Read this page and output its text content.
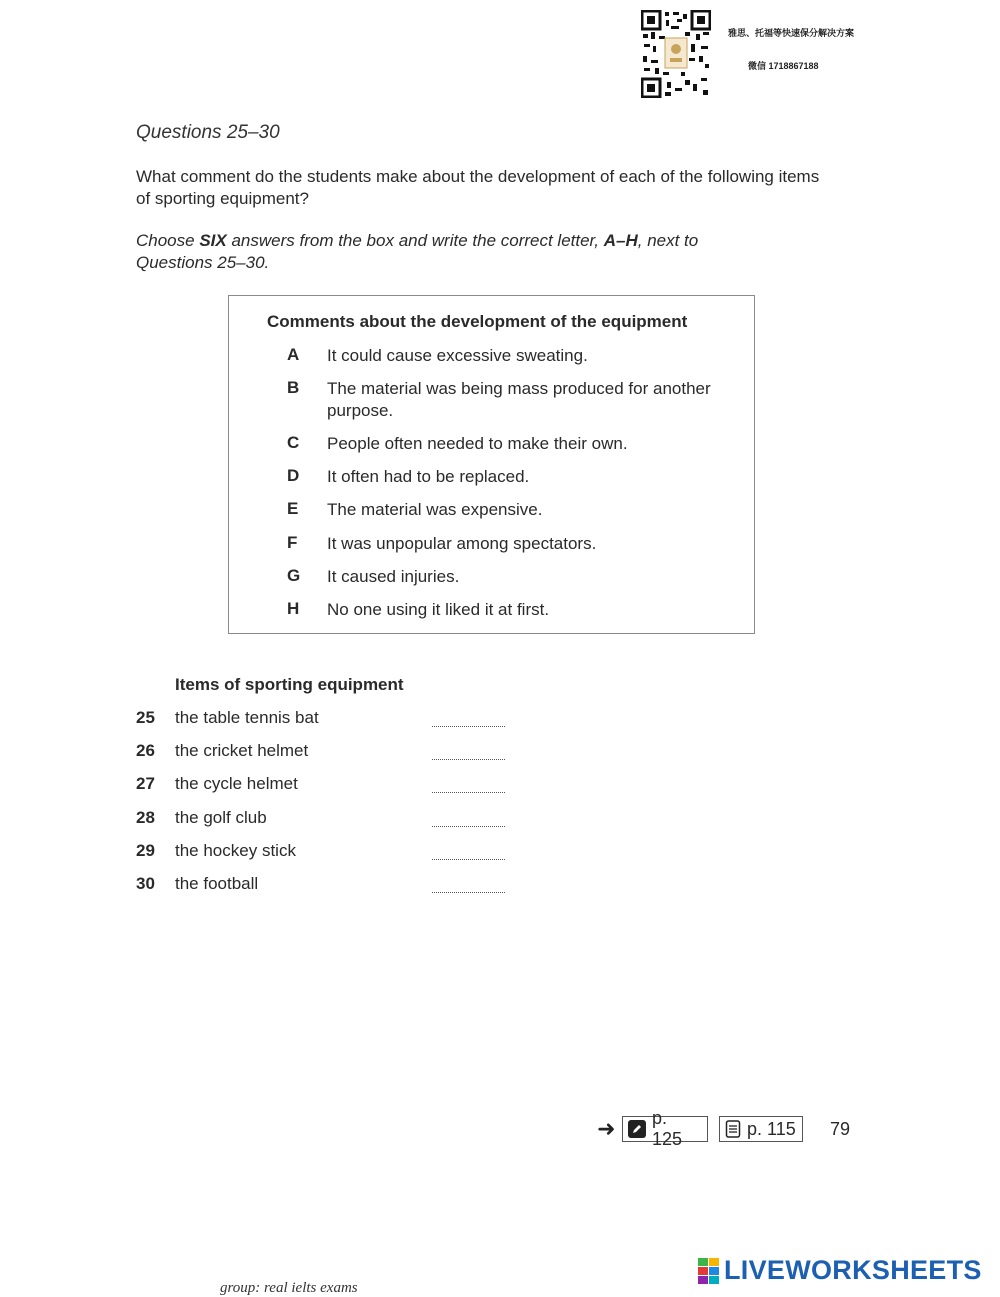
雅思、托福等快速保分解决方案
微信 1718867188
Questions 25–30
What comment do the students make about the development of each of the following items of sporting equipment?
Choose SIX answers from the box and write the correct letter, A–H, next to Questions 25–30.
Comments about the development of the equipment
A	It could cause excessive sweating.
B	The material was being mass produced for another purpose.
C	People often needed to make their own.
D	It often had to be replaced.
E	The material was expensive.
F	It was unpopular among spectators.
G	It caused injuries.
H	No one using it liked it at first.
Items of sporting equipment
25 the table tennis bat
26 the cricket helmet
27 the cycle helmet
28 the golf club
29 the hockey stick
30 the football
➜ p. 125
p. 115 79
LIVEWORKSHEETS
group: real ielts exams
